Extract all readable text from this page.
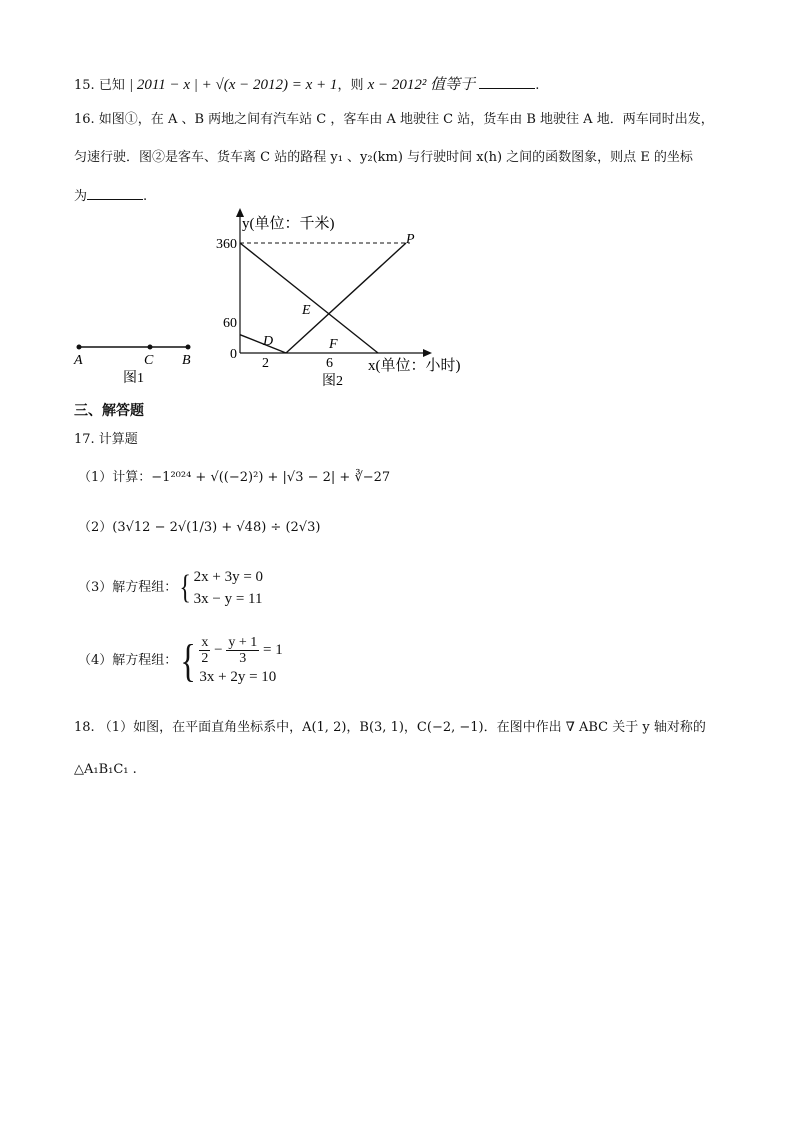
15. 已知 | 2011 − x | + √(x − 2012) = x + 1，则 x − 2012² 值等于	.
16. 如图①，在 A 、B 两地之间有汽车站 C ，客车由 A 地驶往 C 站，货车由 B 地驶往 A 地．两车同时出发，
匀速行驶．图②是客车、货车离 C 站的路程 y₁ 、y₂(km) 与行驶时间 x(h) 之间的函数图象，则点 E 的坐标
为	.
A	C B
图1
y(单位：千米)
x(单位：小时)
0
360
60
2	6
P
E
D	F
图2
三、解答题
17. 计算题
（1）计算：−1²⁰²⁴ + √((−2)²) + |√3 − 2| + ∛−27
（2）(3√12 − 2√(1/3) + √48) ÷ (2√3)
（3）解方程组：{ 2x + 3y = 0
3x − y = 11
（4）解方程组：{ $\frac{x}{2} - \frac{y + 1}{3} = 1$
3x + 2y = 10
18. （1）如图，在平面直角坐标系中，A(1, 2)，B(3, 1)，C(−2, −1)．在图中作出 ∇ ABC 关于 y 轴对称的
△A₁B₁C₁ .
